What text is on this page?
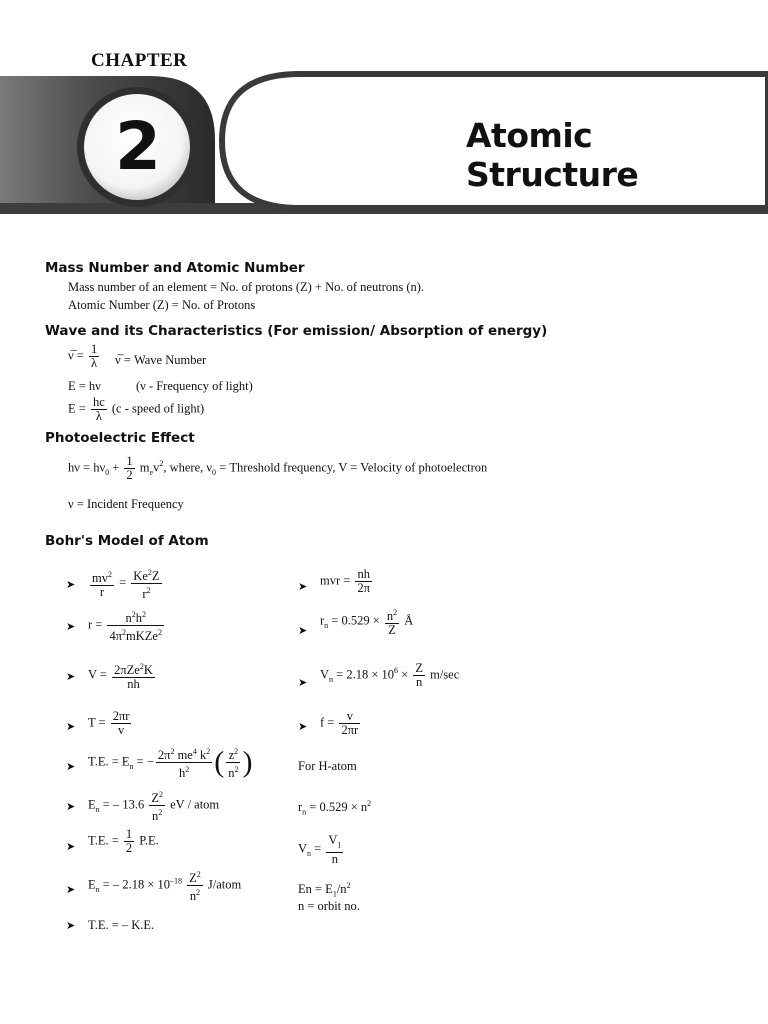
CHAPTER
2	Atomic Structure
Mass Number and Atomic Number
Mass number of an element = No. of protons (Z) + No. of neutrons (n).
Atomic Number (Z) = No. of Protons
Wave and its Characteristics (For emission/ Absorption of energy)
ν̅ = $\frac{1}{\lambda}$ ν̅ = Wave Number
E = hν	(ν - Frequency of light)
$E = \frac{hc}{\lambda} (c$ - speed of light)
Photoelectric Effect
$h\nu = h\nu_0 + \frac{1}{2} m_ev^2$, where, $\nu_0$ = Threshold frequency, V = Velocity of photoelectron
ν = Incident Frequency
Bohr's Model of Atom
➤ $\frac{mv^2}{r} = \frac{Ke^2Z}{r^2}$
➤ $r = \frac{n^2h^2}{4\pi^2mKZe^2}$
➤ $V = \frac{2\pi Ze^2K}{nh}$
➤ $T = \frac{2\pi r}{v}$
➤ T.E. = $E_n$ = − $\frac{2\pi^2 me^4 k^2}{h^2}$ ( $\frac{z^2}{n^2}$ )
➤ $E_n$ = – $13.6 \frac{Z^2}{n^2}$ eV / atom
➤ T.E. = $\frac{1}{2} P.E$.
➤ $E_n$ = – $2.18 \times 10^{-18} \frac{Z^2}{n^2}$ J/atom
➤ T.E. = – K.E.
➤ mvr = $\frac{nh}{2\pi}$
➤
$r_n = 0.529 \times \frac{n^2}{Z}$ Å
➤
$V_n = 2.18 \times 10^6 \times \frac{Z}{n} m/\sec$
➤ $f = \frac{v}{2\pi r}$
For H-atom
$r_n = 0.529 \times n^2$
$V_n = \frac{V_1}{n}$
$En = E_1/n^2$
n = orbit no.
